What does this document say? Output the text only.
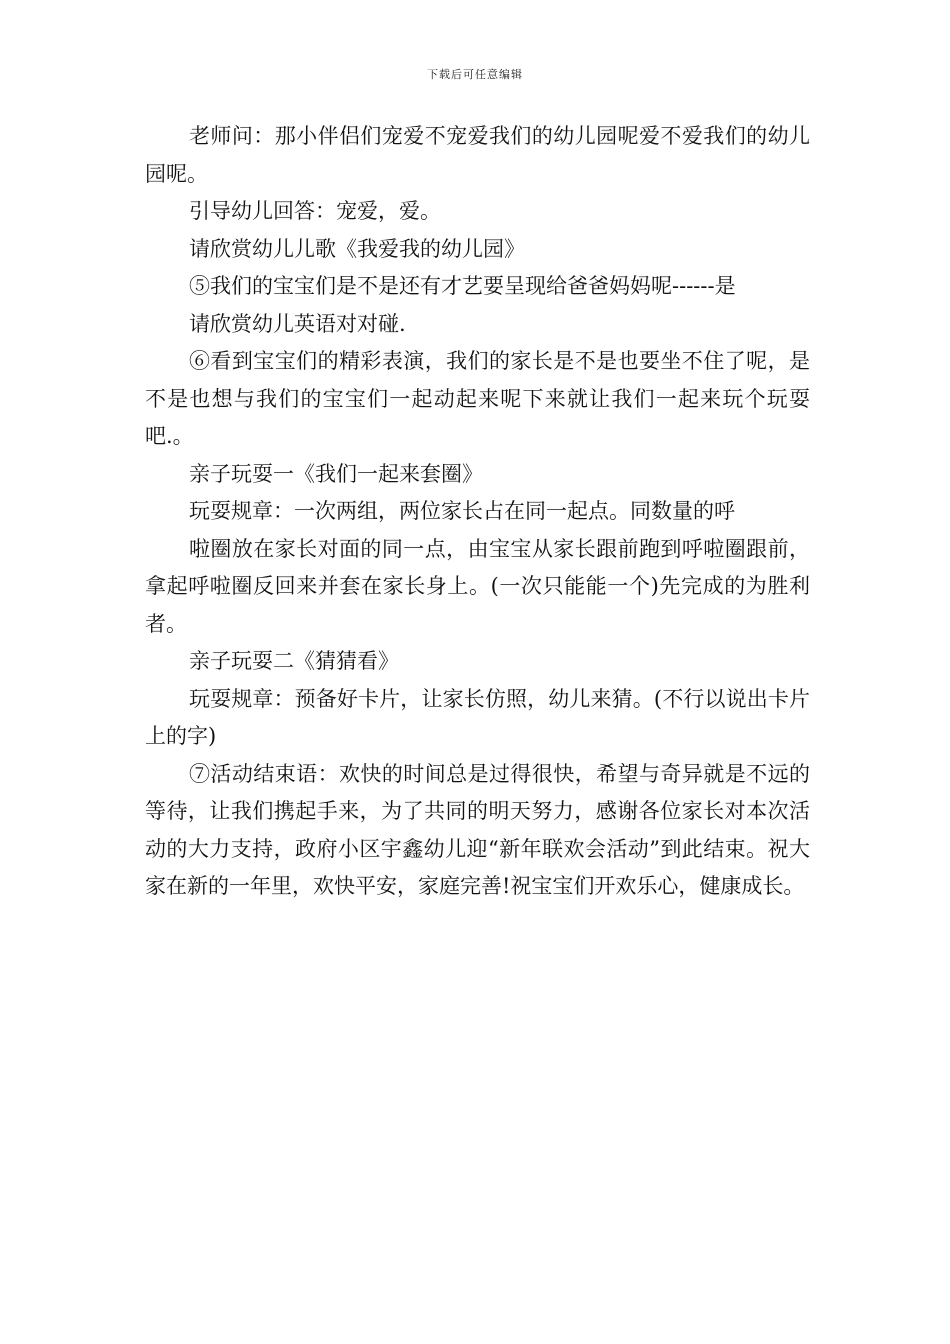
下载后可任意编辑

老师问：那小伴侣们宠爱不宠爱我们的幼儿园呢爱不爱我们的幼儿园呢。

引导幼儿回答：宠爱，爱。

请欣赏幼儿儿歌《我爱我的幼儿园》

⑤我们的宝宝们是不是还有才艺要呈现给爸爸妈妈呢------是

请欣赏幼儿英语对对碰.

⑥看到宝宝们的精彩表演，我们的家长是不是也要坐不住了呢，是不是也想与我们的宝宝们一起动起来呢下来就让我们一起来玩个玩耍吧.。

亲子玩耍一《我们一起来套圈》

玩耍规章：一次两组，两位家长占在同一起点。同数量的呼

啦圈放在家长对面的同一点，由宝宝从家长跟前跑到呼啦圈跟前，拿起呼啦圈反回来并套在家长身上。(一次只能能一个)先完成的为胜利者。

亲子玩耍二《猜猜看》

玩耍规章：预备好卡片，让家长仿照，幼儿来猜。(不行以说出卡片上的字)

⑦活动结束语：欢快的时间总是过得很快，希望与奇异就是不远的等待，让我们携起手来，为了共同的明天努力，感谢各位家长对本次活动的大力支持，政府小区宇鑫幼儿迎“新年联欢会活动”到此结束。祝大家在新的一年里，欢快平安，家庭完善!祝宝宝们开欢乐心，健康成长。
